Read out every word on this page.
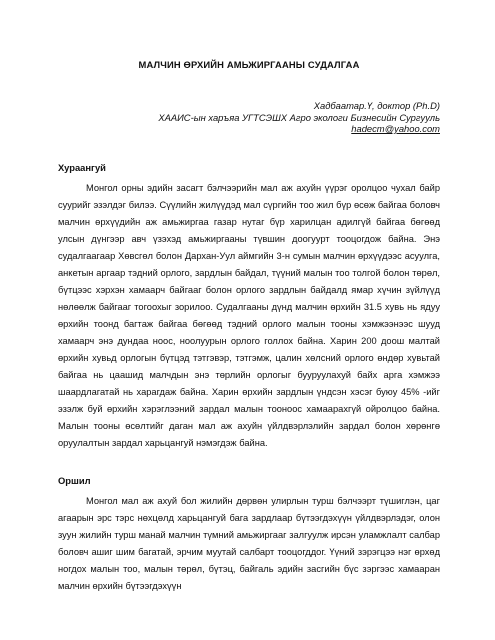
МАЛЧИН ӨРХИЙН АМЬЖИРГААНЫ СУДАЛГАА
Хадбаатар.Ү, доктор (Ph.D)
ХААИС-ын харъяа УГТСЭШХ Агро экологи Бизнесийн Сургууль
hadecm@yahoo.com
Хураангуй

Монгол орны эдийн засагт бэлчээрийн мал аж ахуйн үүрэг оролцоо чухал байр суурийг эзэлдэг билээ. Сүүлийн жилүүдэд мал сүргийн тоо жил бүр өсөж байгаа боловч малчин өрхүүдийн аж амьжиргаа газар нутаг бүр харилцан адилгүй байгаа бөгөөд улсын дүнгээр авч үзэхэд амьжиргааны түвшин доогуурт тооцогдож байна. Энэ судалгаагаар Хөвсгөл болон Дархан-Уул аймгийн 3-н сумын малчин өрхүүдээс асуулга, анкетын аргаар тэдний орлого, зардлын байдал, түүний малын тоо толгой болон төрөл, бүтцээс хэрхэн хамаарч байгааг болон орлого зардлын байдалд ямар хүчин зүйлүүд нөлөөлж байгааг тогоохыг зорилоо. Судалгааны дүнд малчин өрхийн 31.5 хувь нь ядуу өрхийн тоонд багтаж байгаа бөгөөд тэдний орлого малын тооны хэмжээнээс шууд хамаарч энэ дундаа ноос, ноолуурын орлого голлох байна. Харин 200 доош малтай өрхийн хувьд орлогын бүтцэд тэтгэвэр, тэтгэмж, цалин хөлсний орлого өндөр хувьтай байгаа нь цаашид малчдын энэ төрлийн орлогыг бууруулахуй байх арга хэмжээ шаардлагатай нь харагдаж байна. Харин өрхийн зардлын үндсэн хэсэг буюу 45% -ийг эзэлж буй өрхийн хэрэглээний зардал малын тооноос хамаарахгүй ойролцоо байна. Малын тооны өсөлтийг даган мал аж ахуйн үйлдвэрлэлийн зардал болон хөрөнгө оруулалтын зардал харьцангуй нэмэгдэж байна.

Оршил

Монгол мал аж ахуй бол жилийн дөрвөн улирлын турш бэлчээрт түшиглэн, цаг агаарын эрс тэрс нөхцөлд харьцангуй бага зардлаар бүтээгдэхүүн үйлдвэрлэдэг, олон зуун жилийн турш манай малчин түмний амьжиргааг залгуулж ирсэн уламжлалт салбар боловч ашиг шим багатай, эрчим муутай салбарт тооцогддог. Үүний зэрэгцээ нэг өрхөд ногдох малын тоо, малын төрөл, бүтэц, байгаль эдийн засгийн бүс зэргээс хамааран малчин өрхийн бүтээгдэхүүн
